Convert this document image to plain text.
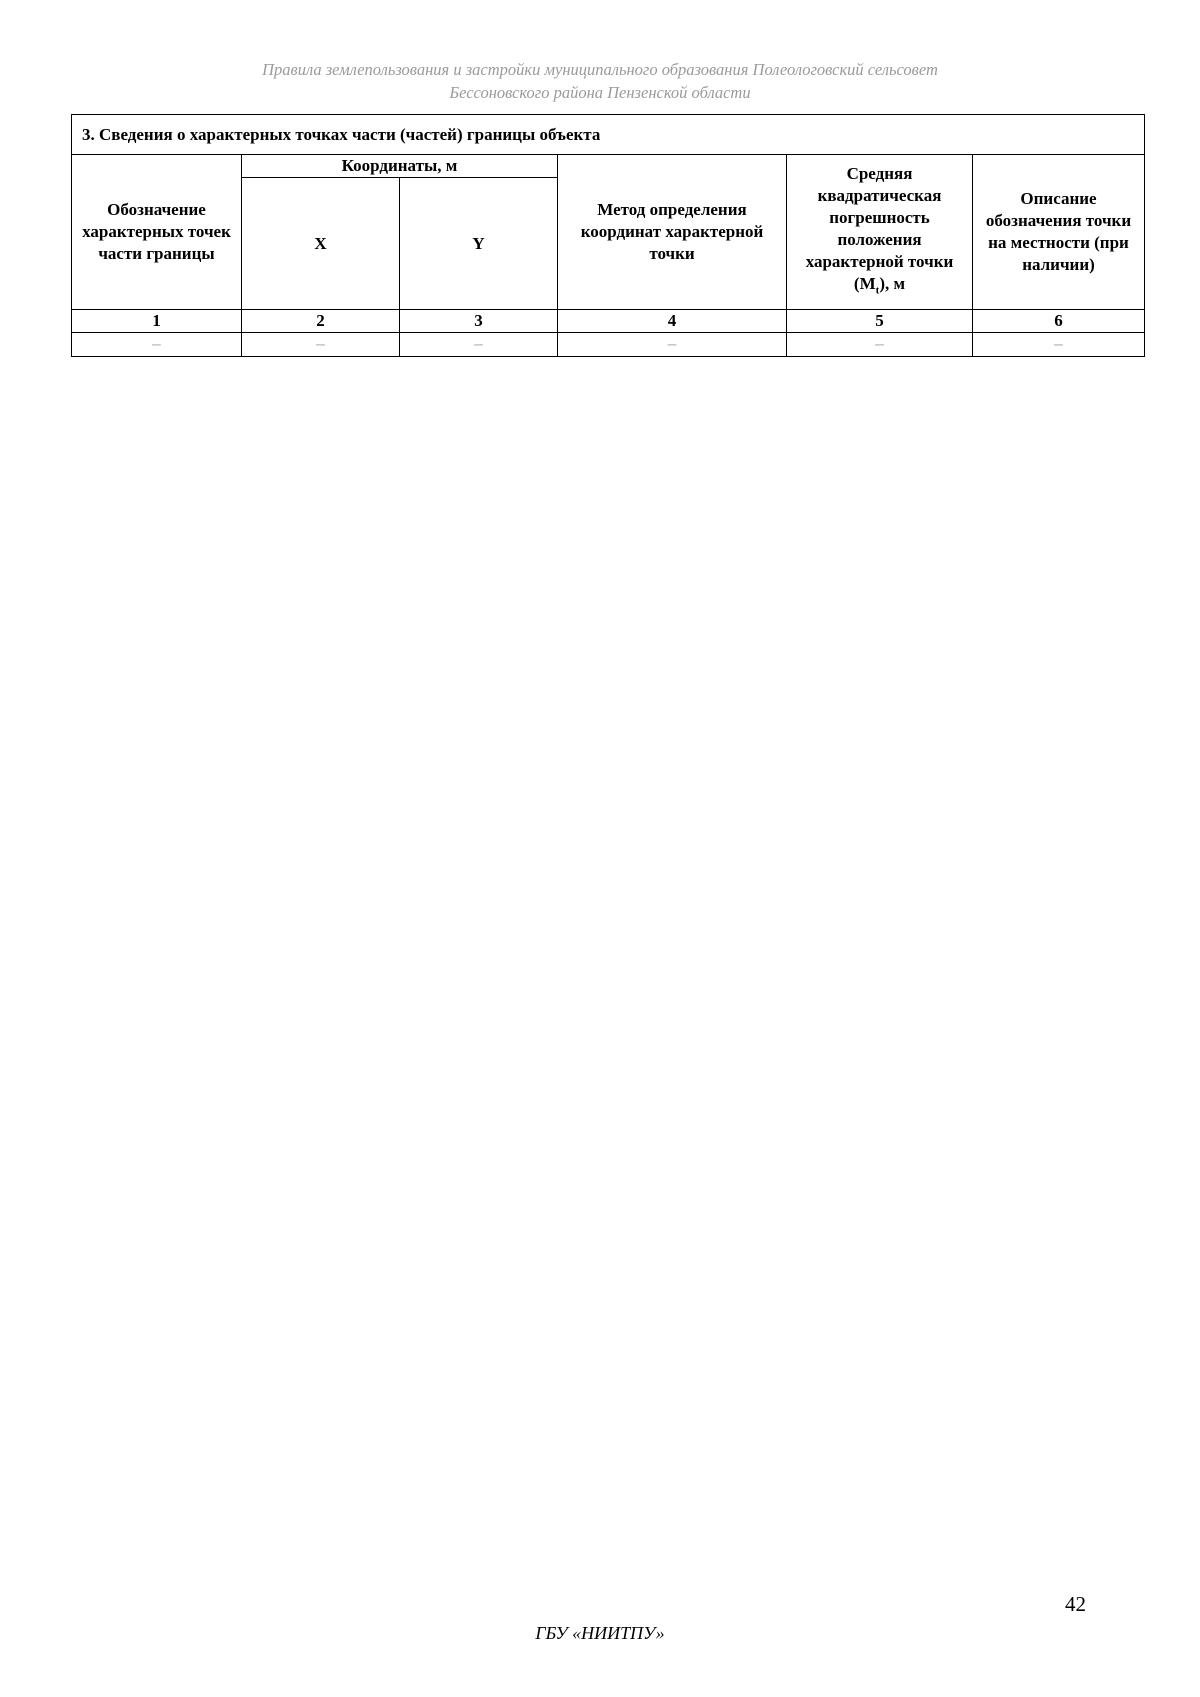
Правила землепользования и застройки муниципального образования Полеологовский сельсовет
Бессоновского района Пензенской области
3. Сведения о характерных точках части (частей) границы объекта					
Обозначение характерных точек части границы	Координаты, м		Метод определения координат характерной точки	Средняя квадратическая погрешность положения характерной точки $(M_t)$, м	Описание обозначения точки на местности (при наличии)
	X	Y			
1	2	3	4	5	6
–	–	–	–	–	–
42
ГБУ «НИИТПУ»
